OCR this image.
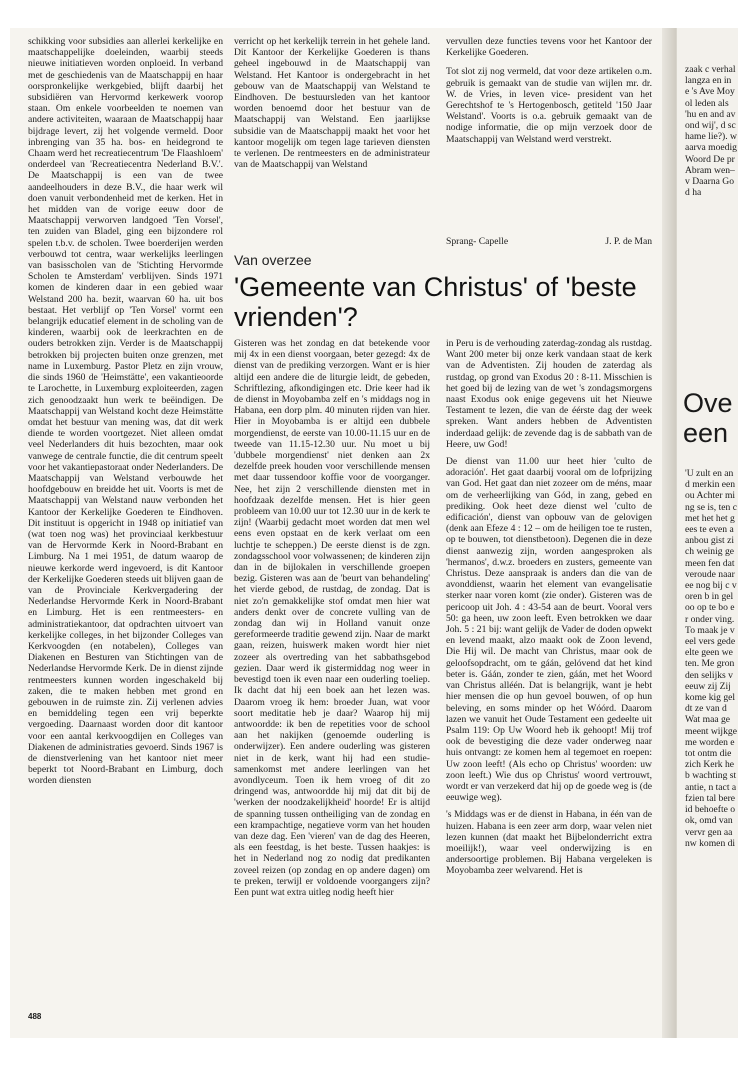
schikking voor subsidies aan allerlei kerkelijke en maatschappelijke doeleinden, waarbij steeds nieuwe initiatieven worden onploeid. In verband met de geschiedenis van de Maatschappij en haar oorspronkelijke werkgebied, blijft daarbij het subsidiëren van Hervormd kerkewerk voorop staan. Om enkele voorbeelden te noemen van andere activiteiten, waaraan de Maatschappij haar bijdrage levert, zij het volgende vermeld. Door inbrenging van 35 ha. bos- en heidegrond te Chaam werd het recreatiecentrum 'De Flaashloem' onderdeel van 'Recreatiecentra Nederland B.V.'. De Maatschappij is een van de twee aandeelhouders in deze B.V., die haar werk wil doen vanuit verbondenheid met de kerken. Het in het midden van de vorige eeuw door de Maatschappij verworven landgoed 'Ten Vorsel', ten zuiden van Bladel, ging een bijzondere rol spelen t.b.v. de scholen. Twee boerderijen werden verbouwd tot centra, waar werkelijks leerlingen van basisscholen van de 'Stichting Hervormde Scholen te Amsterdam' verblijven. Sinds 1971 komen de kinderen daar in een gebied waar Welstand 200 ha. bezit, waarvan 60 ha. uit bos bestaat. Het verblijf op 'Ten Vorsel' vormt een belangrijk educatief element in de scholing van de kinderen, waarbij ook de leerkrachten en de ouders betrokken zijn. Verder is de Maatschappij betrokken bij projecten buiten onze grenzen, met name in Luxemburg. Pastor Pletz en zijn vrouw, die sinds 1960 de 'Heimstätte', een vakantieoorde te Larochette, in Luxemburg exploiteerden, zagen zich genoodzaakt hun werk te beëindigen. De Maatschappij van Welstand kocht deze Heimstätte omdat het bestuur van mening was, dat dit werk diende te worden voortgezet. Niet alleen omdat veel Nederlanders dit huis bezochten, maar ook vanwege de centrale functie, die dit centrum speelt voor het vakantiepastoraat onder Nederlanders. De Maatschappij van Welstand verbouwde het hoofdgebouw en breidde het uit. Voorts is met de Maatschappij van Welstand nauw verbonden het Kantoor der Kerkelijke Goederen te Eindhoven. Dit instituut is opgericht in 1948 op initiatief van (wat toen nog was) het provinciaal kerkbestuur van de Hervormde Kerk in Noord-Brabant en Limburg. Na 1 mei 1951, de datum waarop de nieuwe kerkorde werd ingevoerd, is dit Kantoor der Kerkelijke Goederen steeds uit blijven gaan de van de Provinciale Kerkvergadering der Nederlandse Hervormde Kerk in Noord-Brabant en Limburg. Het is een rentmeesters- en administratiekantoor, dat opdrachten uitvoert van kerkelijke colleges, in het bijzonder Colleges van Kerkvoogden (en notabelen), Colleges van Diakenen en Besturen van Stichtingen van de Nederlandse Hervormde Kerk. De in dienst zijnde rentmeesters kunnen worden ingeschakeld bij zaken, die te maken hebben met grond en gebouwen in de ruimste zin. Zij verlenen advies en bemiddeling tegen een vrij beperkte vergoeding. Daarnaast worden door dit kantoor voor een aantal kerkvoogdijen en Colleges van Diakenen de administraties gevoerd. Sinds 1967 is de dienstverlening van het kantoor niet meer beperkt tot Noord-Brabant en Limburg, doch worden diensten

verricht op het kerkelijk terrein in het gehele land. Dit Kantoor der Kerkelijke Goederen is thans geheel ingebouwd in de Maatschappij van Welstand. Het Kantoor is ondergebracht in het gebouw van de Maatschappij van Welstand te Eindhoven. De bestuursleden van het kantoor worden benoemd door het bestuur van de Maatschappij van Welstand. Een jaarlijkse subsidie van de Maatschappij maakt het voor het kantoor mogelijk om tegen lage tarieven diensten te verlenen. De rentmeesters en de administrateur van de Maatschappij van Welstand

vervullen deze functies tevens voor het Kantoor der Kerkelijke Goederen.

Tot slot zij nog vermeld, dat voor deze artikelen o.m. gebruik is gemaakt van de studie van wijlen mr. dr. W. de Vries, in leven vice- president van het Gerechtshof te 's Hertogenbosch, getiteld '150 Jaar Welstand'. Voorts is o.a. gebruik gemaakt van de nodige informatie, die op mijn verzoek door de Maatschappij van Welstand werd verstrekt.

Sprang- Capelle	J. P. de Man
Van overzee
'Gemeente van Christus' of 'beste vrienden'?

Gisteren was het zondag en dat betekende voor mij 4x in een dienst voorgaan, beter gezegd: 4x de dienst van de prediking verzorgen. Want er is hier altijd een andere die de liturgie leidt, de gebeden, Schriftlezing, afkondigingen etc. Drie keer had ik de dienst in Moyobamba zelf en 's middags nog in Habana, een dorp plm. 40 minuten rijden van hier. Hier in Moyobamba is er altijd een dubbele morgendienst, de eerste van 10.00-11.15 uur en de tweede van 11.15-12.30 uur. Nu moet u bij 'dubbele morgendienst' niet denken aan 2x dezelfde preek houden voor verschillende mensen met daar tussendoor koffie voor de voorganger. Nee, het zijn 2 verschillende diensten met in hoofdzaak dezelfde mensen. Het is hier geen probleem van 10.00 uur tot 12.30 uur in de kerk te zijn! (Waarbij gedacht moet worden dat men wel eens even opstaat en de kerk verlaat om een luchtje te scheppen.) De eerste dienst is de zgn. zondagsschool voor volwassenen; de kinderen zijn dan in de bijlokalen in verschillende groepen bezig. Gisteren was aan de 'beurt van behandeling' het vierde gebod, de rustdag, de zondag. Dat is niet zo'n gemakkelijke stof omdat men hier wat anders denkt over de concrete vulling van de zondag dan wij in Holland vanuit onze gereformeerde traditie gewend zijn. Naar de markt gaan, reizen, huiswerk maken wordt hier niet zozeer als overtreding van het sabbathsgebod gezien. Daar werd ik gistermiddag nog weer in bevestigd toen ik even naar een ouderling toeliep. Ik dacht dat hij een boek aan het lezen was. Daarom vroeg ik hem: broeder Juan, wat voor soort meditatie heb je daar? Waarop hij mij antwoordde: ik ben de repetities voor de school aan het nakijken (genoemde ouderling is onderwijzer). Een andere ouderling was gisteren niet in de kerk, want hij had een studie-samenkomst met andere leerlingen van het avondlyceum. Toen ik hem vroeg of dit zo dringend was, antwoordde hij mij dat dit bij de 'werken der noodzakelijkheid' hoorde! Er is altijd de spanning tussen ontheiliging van de zondag en een krampachtige, negatieve vorm van het houden van deze dag. Een 'vieren' van de dag des Heeren, als een feestdag, is het beste. Tussen haakjes: is het in Nederland nog zo nodig dat predikanten zoveel reizen (op zondag en op andere dagen) om te preken, terwijl er voldoende voorgangers zijn? Een punt wat extra uitleg nodig heeft hier

in Peru is de verhouding zaterdag-zondag als rustdag. Want 200 meter bij onze kerk vandaan staat de kerk van de Adventisten. Zij houden de zaterdag als rustdag, op grond van Exodus 20 : 8-11. Misschien is het goed bij de lezing van de wet 's zondagsmorgens naast Exodus ook enige gegevens uit het Nieuwe Testament te lezen, die van de éérste dag der week spreken. Want anders hebben de Adventisten inderdaad gelijk: de zevende dag is de sabbath van de Heere, uw God!

De dienst van 11.00 uur heet hier 'culto de adoración'. Het gaat daarbij vooral om de lofprijzing van God. Het gaat dan niet zozeer om de méns, maar om de verheerlijking van Gód, in zang, gebed en prediking. Ook heet deze dienst wel 'culto de edificación', dienst van opbouw van de gelovigen (denk aan Efeze 4 : 12 – om de heiligen toe te rusten, op te bouwen, tot dienstbetoon). Degenen die in deze dienst aanwezig zijn, worden aangesproken als 'hermanos', d.w.z. broeders en zusters, gemeente van Christus. Deze aanspraak is anders dan die van de avonddienst, waarin het element van evangelisatie sterker naar voren komt (zie onder). Gisteren was de pericoop uit Joh. 4 : 43-54 aan de beurt. Vooral vers 50: ga heen, uw zoon leeft. Even betrokken we daar Joh. 5 : 21 bij: want gelijk de Vader de doden opwekt en levend maakt, alzo maakt ook de Zoon levend, Die Hij wil. De macht van Christus, maar ook de geloofsopdracht, om te gáán, gelóvend dat het kind beter is. Gáán, zonder te zien, gáán, met het Woord van Christus alléén. Dat is belangrijk, want je hebt hier mensen die op hun gevoel bouwen, of op hun beleving, en soms minder op het Wóórd. Daarom lazen we vanuit het Oude Testament een gedeelte uit Psalm 119: Op Uw Woord heb ik gehoopt! Mij trof ook de bevestiging die deze vader onderweg naar huis ontvangt: ze komen hem al tegemoet en roepen: Uw zoon leeft! (Als echo op Christus' woorden: uw zoon leeft.) Wie dus op Christus' woord vertrouwt, wordt er van verzekerd dat hij op de goede weg is (de eeuwige weg).

's Middags was er de dienst in Habana, in één van de huizen. Habana is een zeer arm dorp, waar velen niet lezen kunnen (dat maakt het Bijbelonderricht extra moeilijk!), waar veel onderwijzing is en andersoortige problemen. Bij Habana vergeleken is Moyobamba zeer welvarend. Het is

488
zaak c verhal langza en in e 's Ave Moyol leden als 'hu en and avond wij', d schame lie?). waarva moedig Woord De pr Abram wen–v Daarna God ha
Ove een
'U zult en and merkin een ou Achter ming se is, ten c met het het gees te even aanbou gist zich weinig gemeen fen dat veroude naar ee nog bij c voren b in geloo op te bo er onder ving. To maak je veel vers gedeelte geen we ten. Me gronden selijks v eeuw zij Zij kome kig geldt ze van d Wat maa gemeent wijkgeme worden e tot ontm die zich Kerk heb wachting stantie, n tact afzien tal bereid behoefte ook, omd van vervr gen aanw komen di
